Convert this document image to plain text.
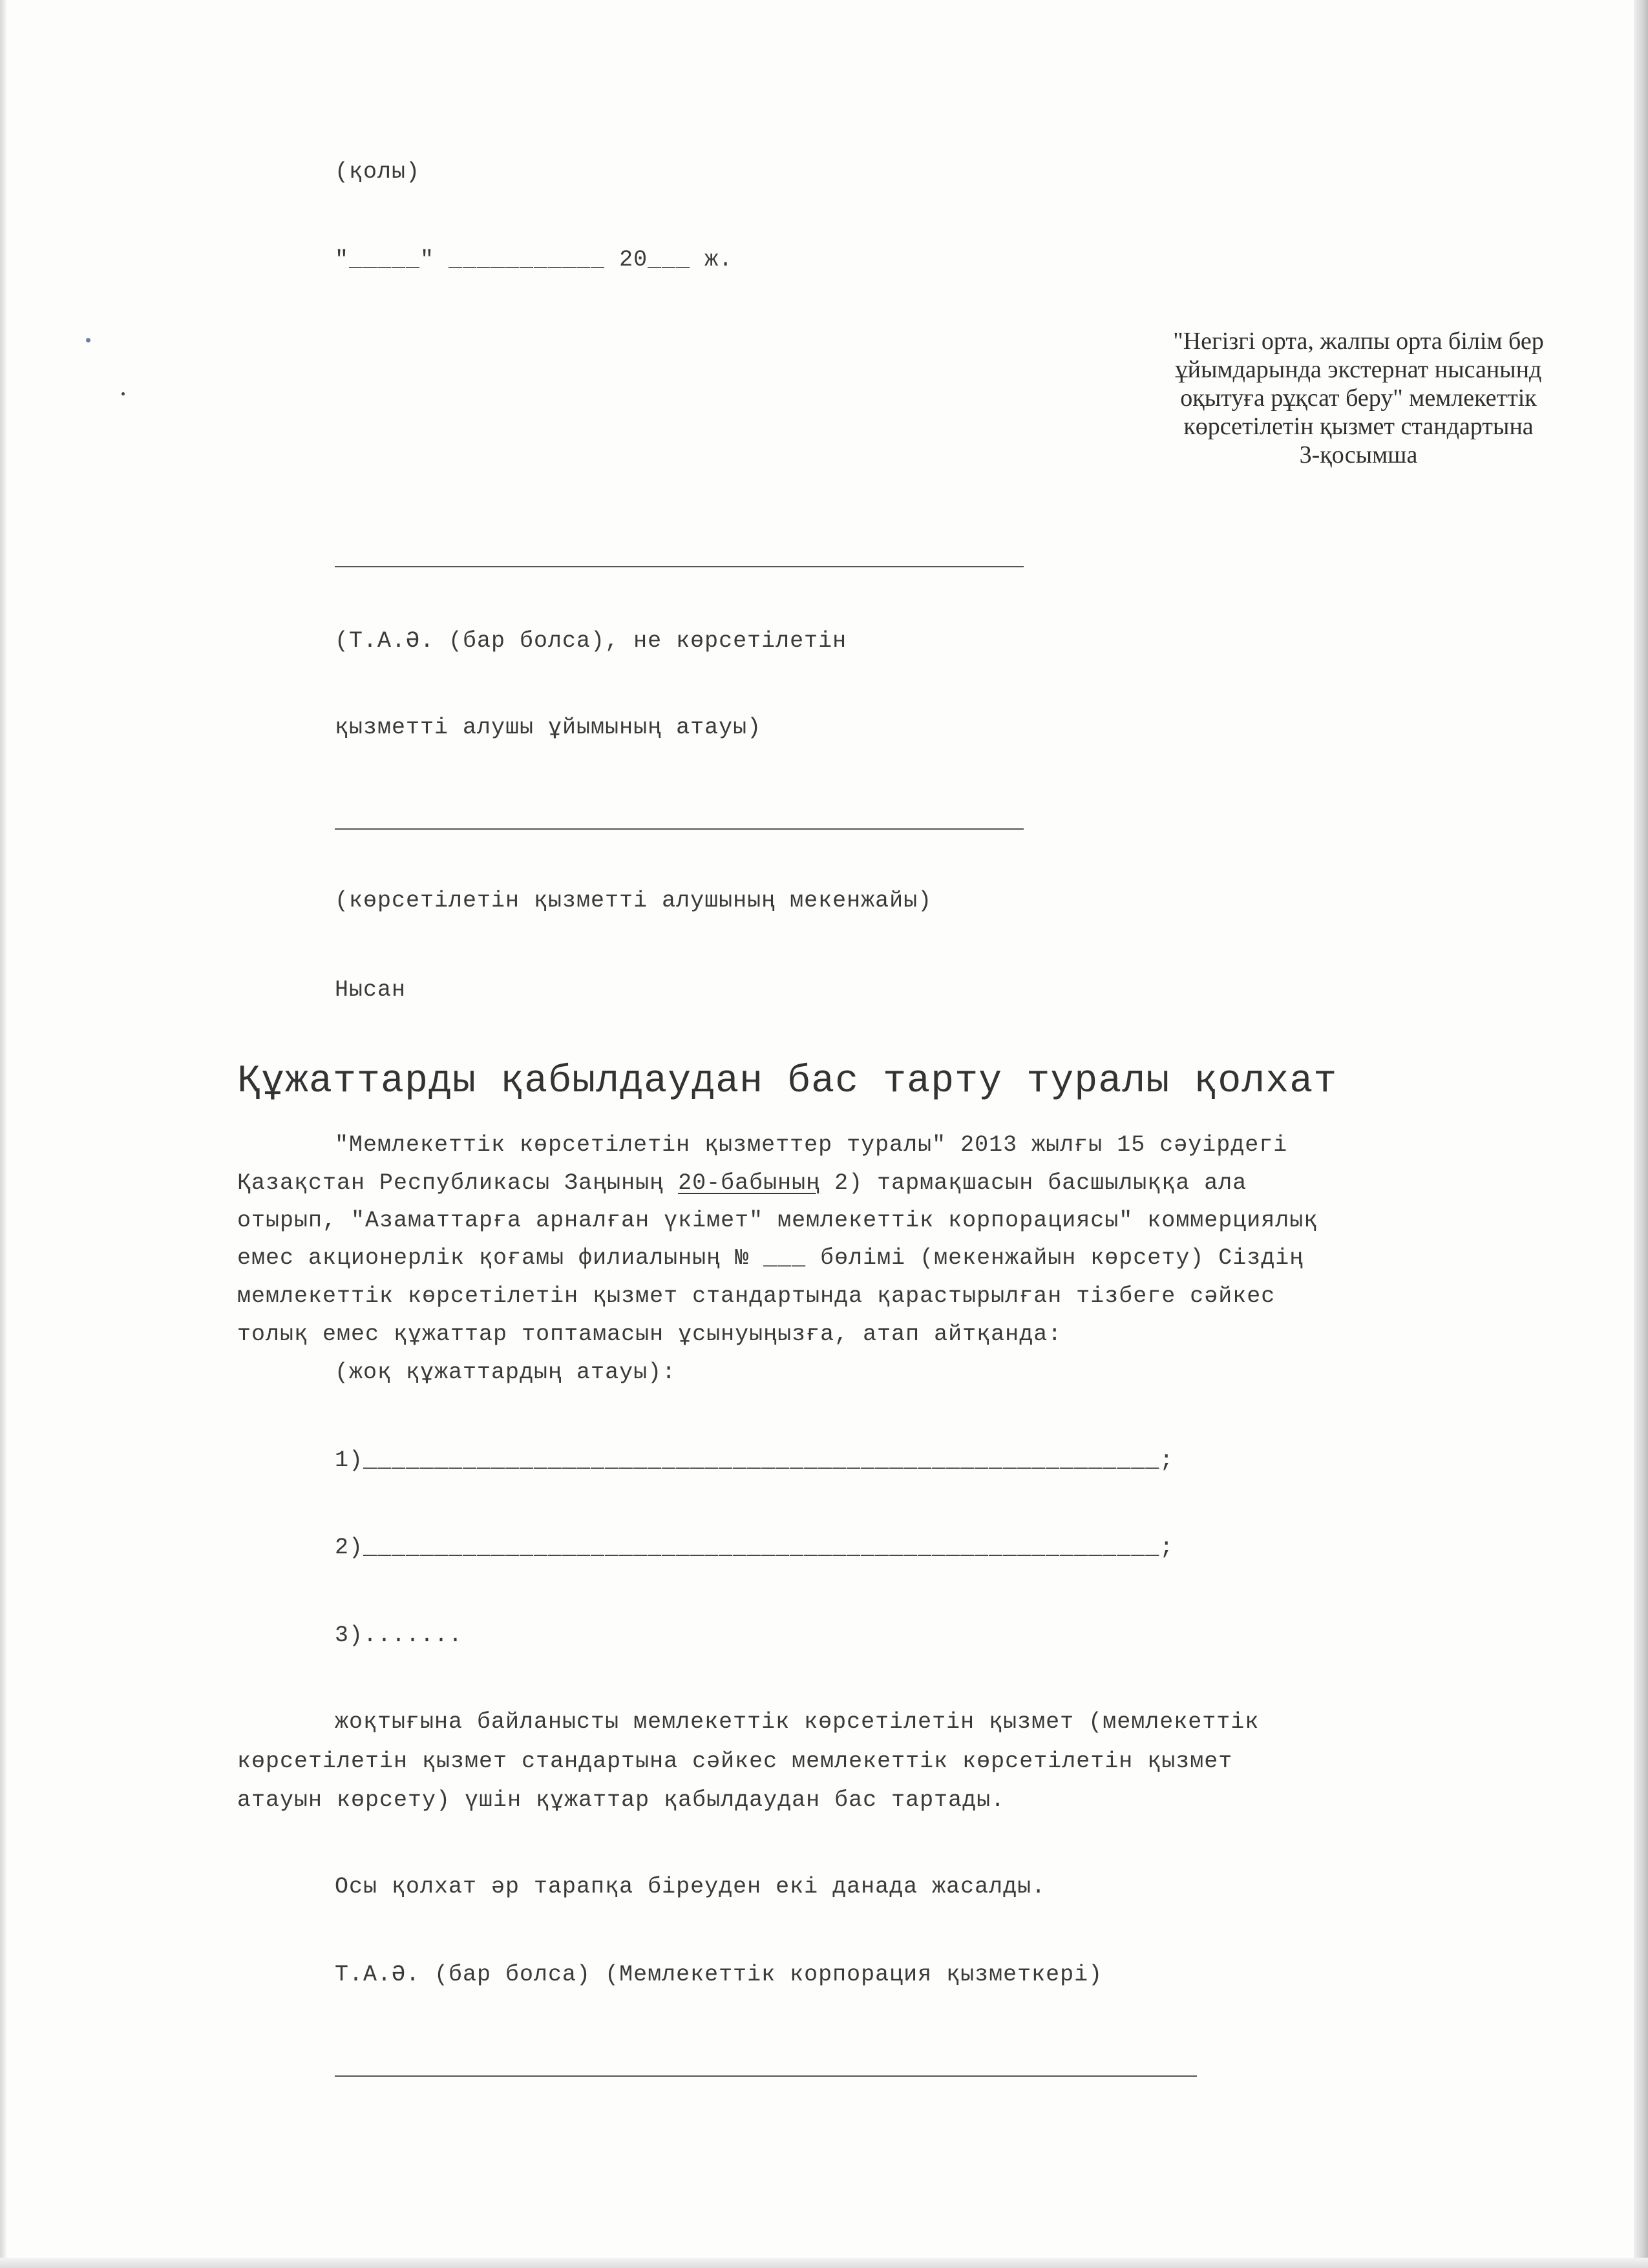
(қолы)
"_____" ___________ 20___ ж.
"Негізгі орта, жалпы орта білім бер
ұйымдарында экстернат нысанынд
оқытуға рұқсат беру" мемлекеттік
көрсетілетін қызмет стандартына
3-қосымша
(Т.А.Ә. (бар болса), не көрсетілетін
қызметті алушы ұйымының атауы)
(көрсетілетін қызметті алушының мекенжайы)
Нысан
Құжаттарды қабылдаудан бас тарту туралы қолхат
"Мемлекеттік көрсетілетін қызметтер туралы" 2013 жылғы 15 сәуірдегі
Қазақстан Республикасы Заңының 20-бабының 2) тармақшасын басшылыққа ала
отырып, "Азаматтарға арналған үкімет" мемлекеттік корпорациясы" коммерциялық
емес акционерлік қоғамы филиалының № ___ бөлімі (мекенжайын көрсету) Сіздің
мемлекеттік көрсетілетін қызмет стандартында қарастырылған тізбеге сәйкес
толық емес құжаттар топтамасын ұсынуыңызға, атап айтқанда:
(жоқ құжаттардың атауы):
1)________________________________________________________;
2)________________________________________________________;
3).......
жоқтығына байланысты мемлекеттік көрсетілетін қызмет (мемлекеттік
көрсетілетін қызмет стандартына сәйкес мемлекеттік көрсетілетін қызмет
атауын көрсету) үшін құжаттар қабылдаудан бас тартады.
Осы қолхат әр тарапқа біреуден екі данада жасалды.
Т.А.Ә. (бар болса) (Мемлекеттік корпорация қызметкері)
